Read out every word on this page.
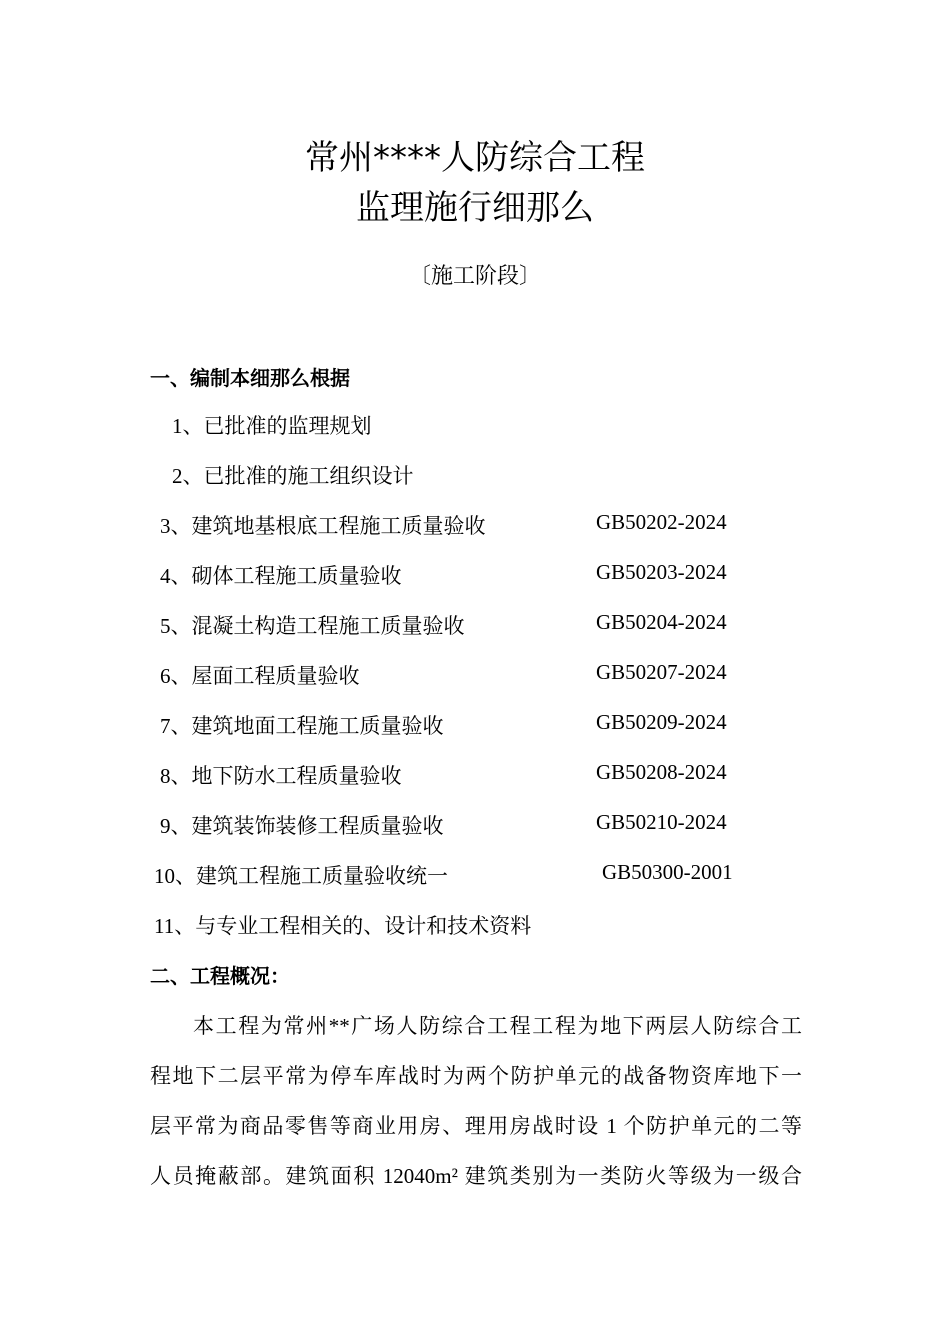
常州****人防综合工程
监理施行细那么
〔施工阶段〕
一、编制本细那么根据
1、已批准的监理规划
2、已批准的施工组织设计
3、建筑地基根底工程施工质量验收	GB50202-2024
4、砌体工程施工质量验收	GB50203-2024
5、混凝土构造工程施工质量验收	GB50204-2024
6、屋面工程质量验收	GB50207-2024
7、建筑地面工程施工质量验收	GB50209-2024
8、地下防水工程质量验收	GB50208-2024
9、建筑装饰装修工程质量验收	GB50210-2024
10、建筑工程施工质量验收统一	GB50300-2001
11、与专业工程相关的、设计和技术资料
二、工程概况：
本工程为常州**广场人防综合工程工程为地下两层人防综合工
程地下二层平常为停车库战时为两个防护单元的战备物资库地下一
层平常为商品零售等商业用房、理用房战时设 1 个防护单元的二等
人员掩蔽部。建筑面积 12040m² 建筑类别为一类防火等级为一级合
